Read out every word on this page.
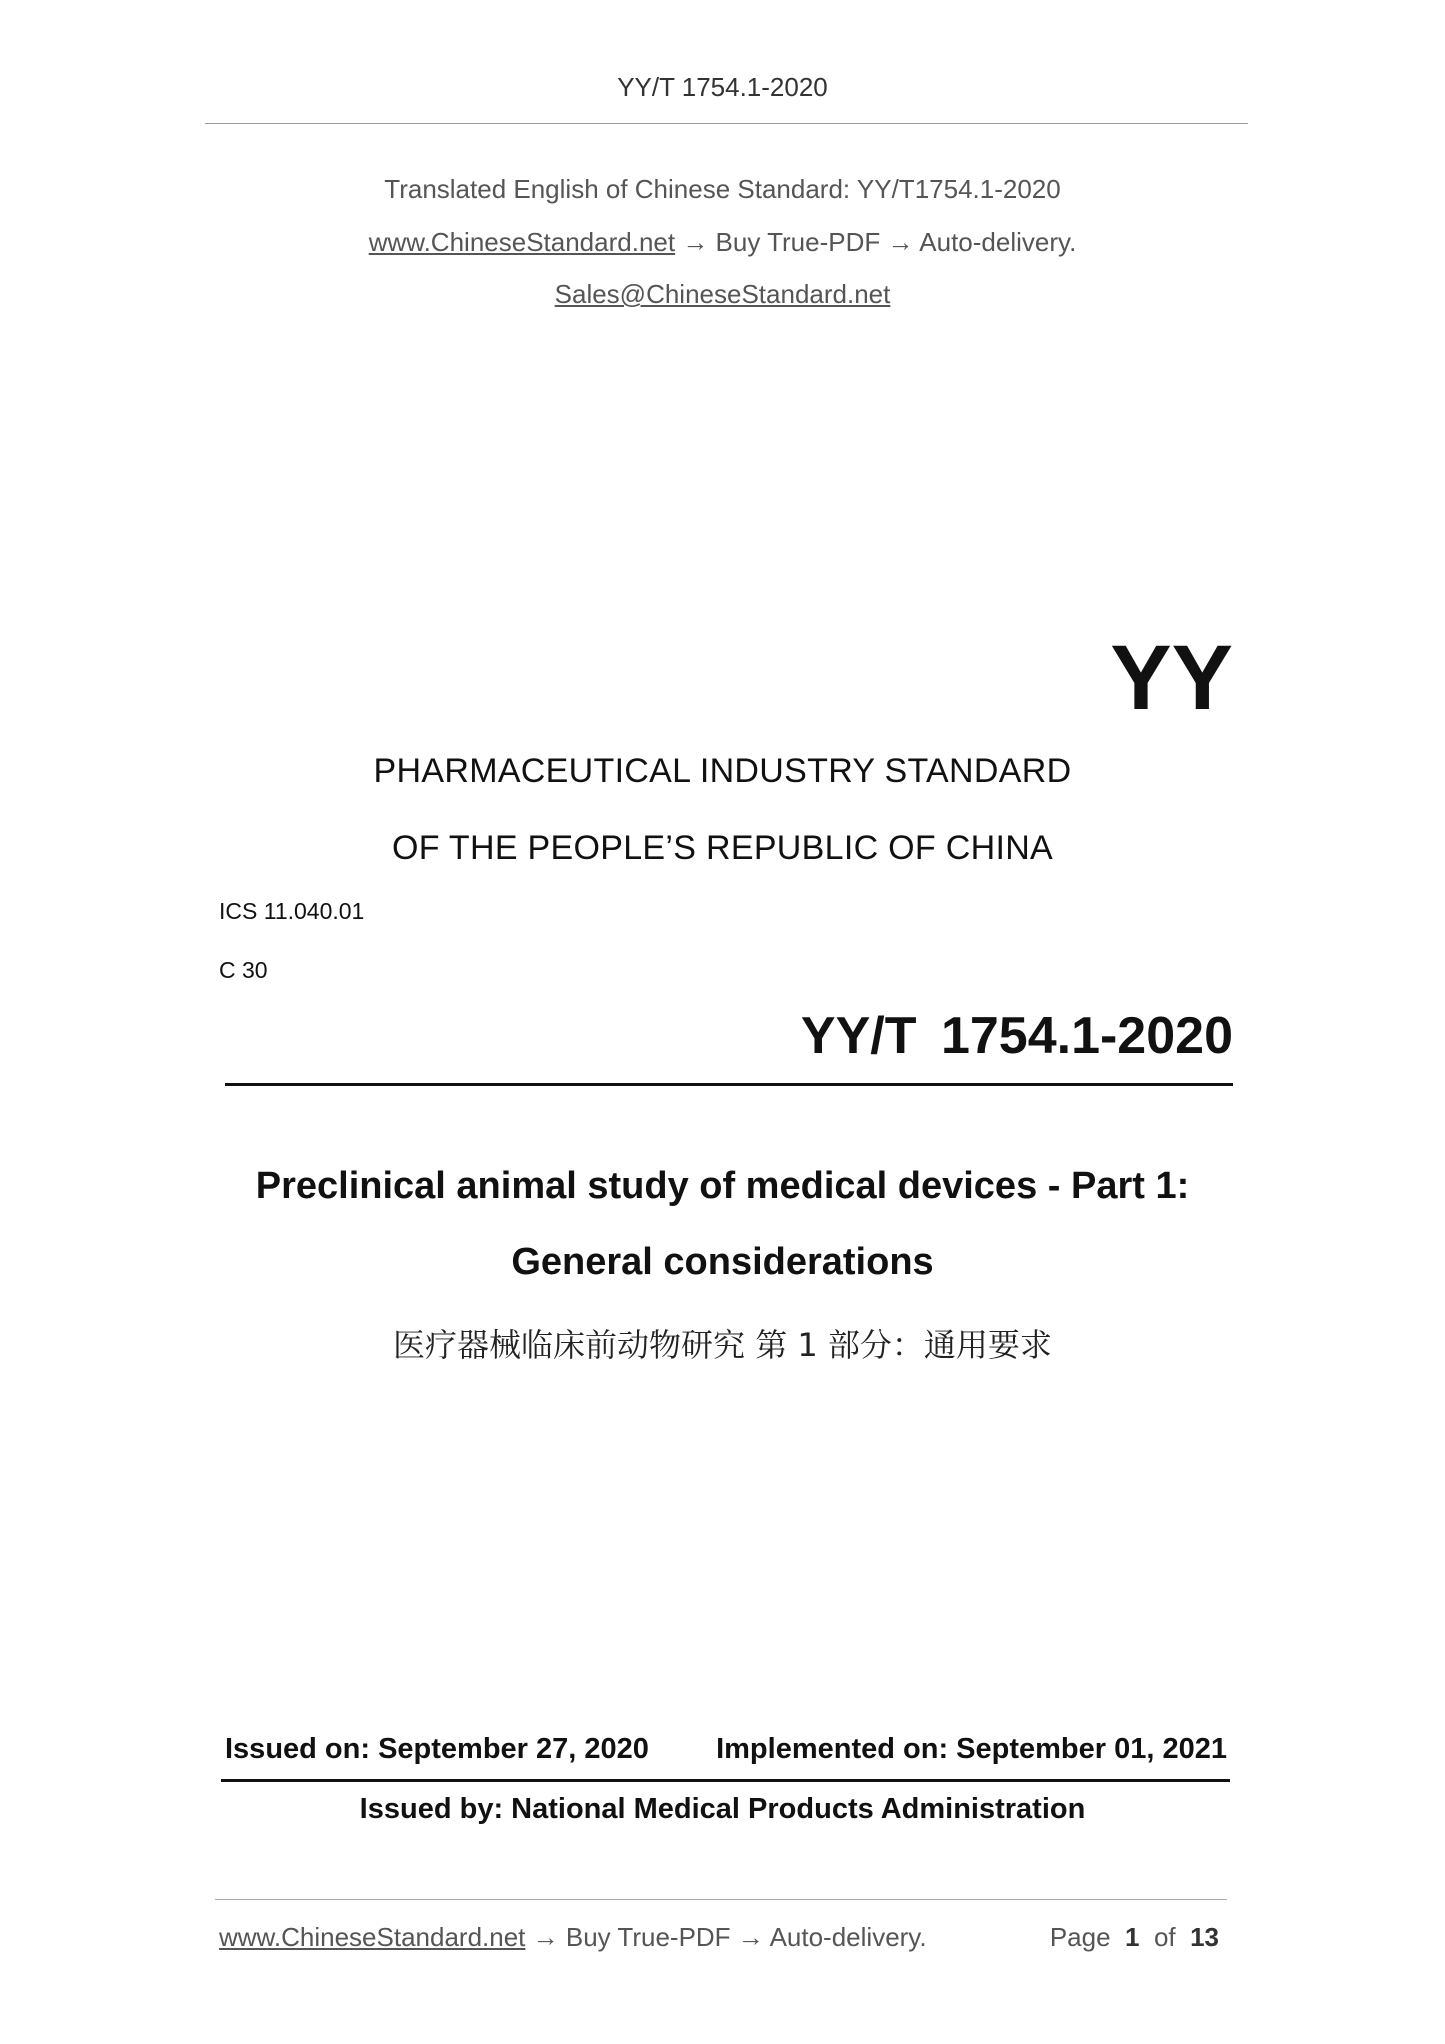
YY/T 1754.1-2020
Translated English of Chinese Standard: YY/T1754.1-2020
www.ChineseStandard.net → Buy True-PDF → Auto-delivery.
Sales@ChineseStandard.net
YY
PHARMACEUTICAL INDUSTRY STANDARD
OF THE PEOPLE’S REPUBLIC OF CHINA
ICS 11.040.01
C 30
YY/T 1754.1-2020
Preclinical animal study of medical devices - Part 1:
General considerations
医疗器械临床前动物研究 第 1 部分：通用要求
Issued on: September 27, 2020 Implemented on: September 01, 2021
Issued by: National Medical Products Administration
www.ChineseStandard.net → Buy True-PDF → Auto-delivery.	Page 1 of 13
